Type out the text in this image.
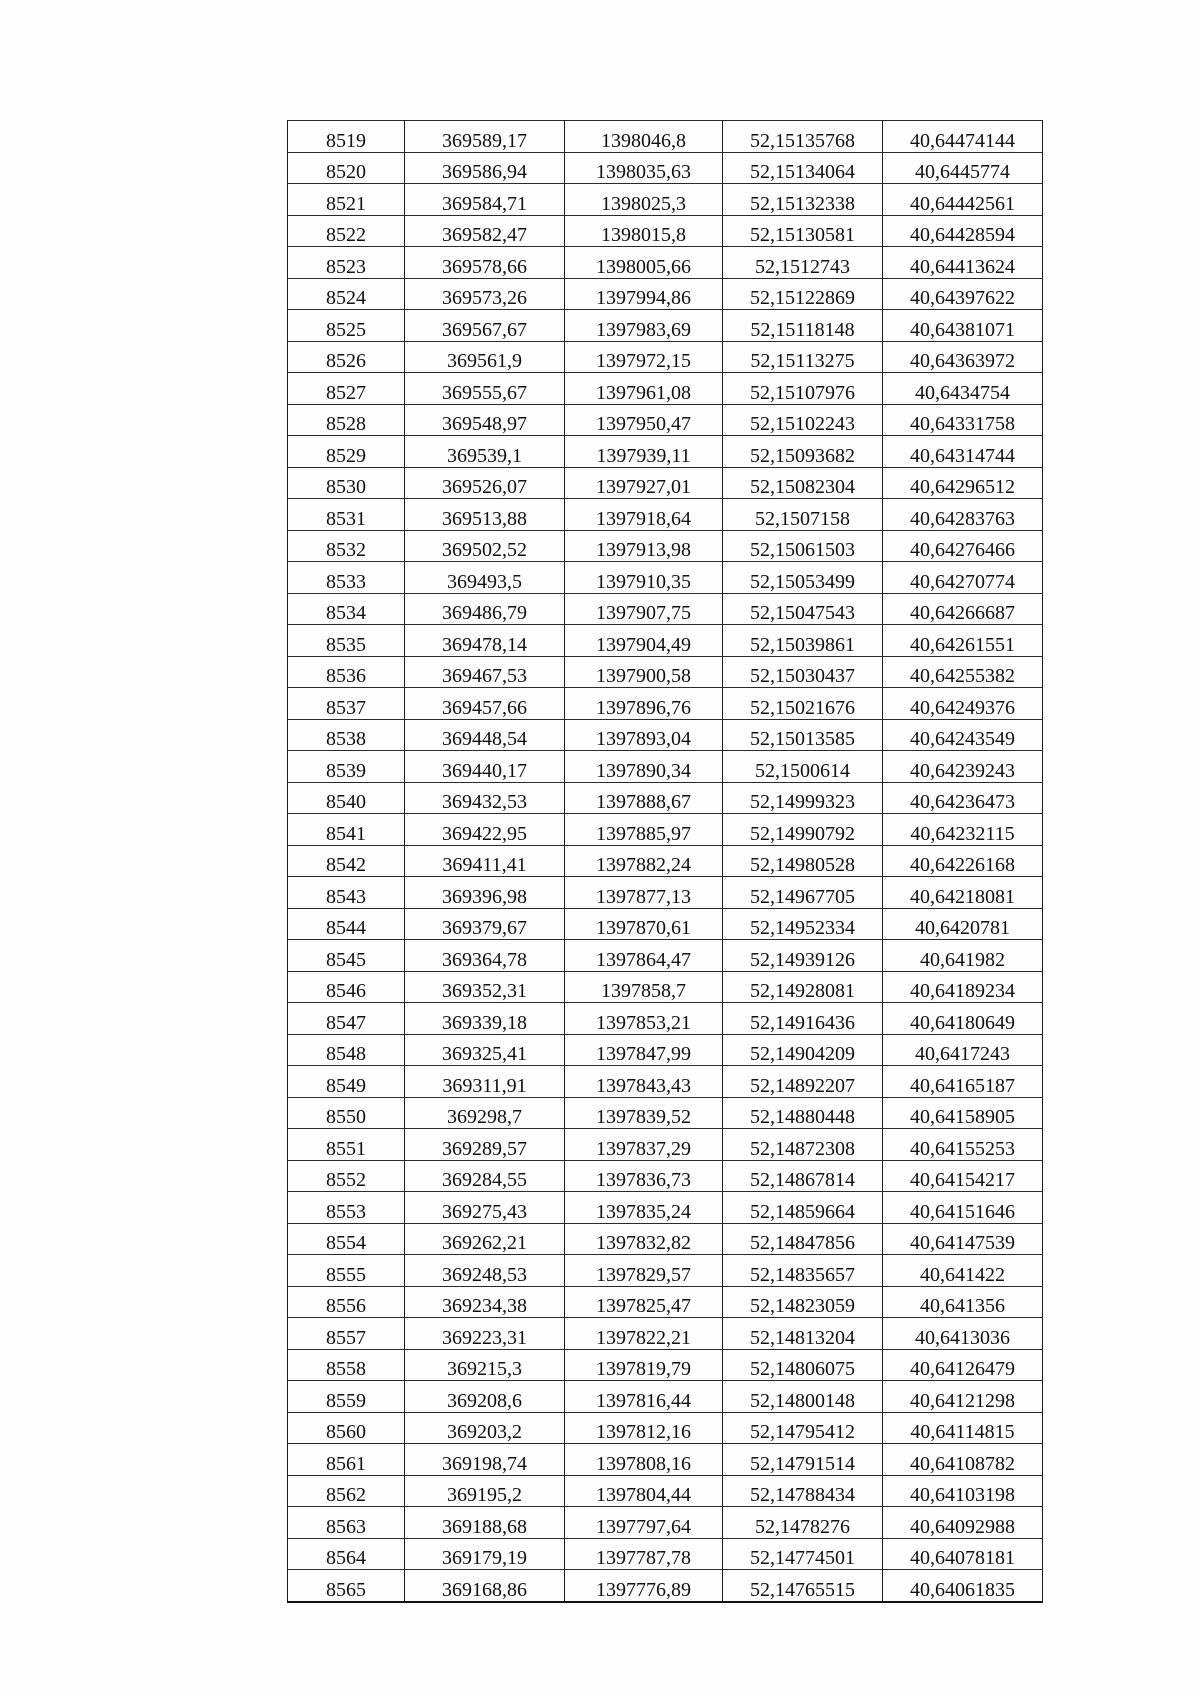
8519	369589,17	1398046,8	52,15135768	40,64474144
8520	369586,94	1398035,63	52,15134064	40,6445774
8521	369584,71	1398025,3	52,15132338	40,64442561
8522	369582,47	1398015,8	52,15130581	40,64428594
8523	369578,66	1398005,66	52,1512743	40,64413624
8524	369573,26	1397994,86	52,15122869	40,64397622
8525	369567,67	1397983,69	52,15118148	40,64381071
8526	369561,9	1397972,15	52,15113275	40,64363972
8527	369555,67	1397961,08	52,15107976	40,6434754
8528	369548,97	1397950,47	52,15102243	40,64331758
8529	369539,1	1397939,11	52,15093682	40,64314744
8530	369526,07	1397927,01	52,15082304	40,64296512
8531	369513,88	1397918,64	52,1507158	40,64283763
8532	369502,52	1397913,98	52,15061503	40,64276466
8533	369493,5	1397910,35	52,15053499	40,64270774
8534	369486,79	1397907,75	52,15047543	40,64266687
8535	369478,14	1397904,49	52,15039861	40,64261551
8536	369467,53	1397900,58	52,15030437	40,64255382
8537	369457,66	1397896,76	52,15021676	40,64249376
8538	369448,54	1397893,04	52,15013585	40,64243549
8539	369440,17	1397890,34	52,1500614	40,64239243
8540	369432,53	1397888,67	52,14999323	40,64236473
8541	369422,95	1397885,97	52,14990792	40,64232115
8542	369411,41	1397882,24	52,14980528	40,64226168
8543	369396,98	1397877,13	52,14967705	40,64218081
8544	369379,67	1397870,61	52,14952334	40,6420781
8545	369364,78	1397864,47	52,14939126	40,641982
8546	369352,31	1397858,7	52,14928081	40,64189234
8547	369339,18	1397853,21	52,14916436	40,64180649
8548	369325,41	1397847,99	52,14904209	40,6417243
8549	369311,91	1397843,43	52,14892207	40,64165187
8550	369298,7	1397839,52	52,14880448	40,64158905
8551	369289,57	1397837,29	52,14872308	40,64155253
8552	369284,55	1397836,73	52,14867814	40,64154217
8553	369275,43	1397835,24	52,14859664	40,64151646
8554	369262,21	1397832,82	52,14847856	40,64147539
8555	369248,53	1397829,57	52,14835657	40,641422
8556	369234,38	1397825,47	52,14823059	40,641356
8557	369223,31	1397822,21	52,14813204	40,6413036
8558	369215,3	1397819,79	52,14806075	40,64126479
8559	369208,6	1397816,44	52,14800148	40,64121298
8560	369203,2	1397812,16	52,14795412	40,64114815
8561	369198,74	1397808,16	52,14791514	40,64108782
8562	369195,2	1397804,44	52,14788434	40,64103198
8563	369188,68	1397797,64	52,1478276	40,64092988
8564	369179,19	1397787,78	52,14774501	40,64078181
8565	369168,86	1397776,89	52,14765515	40,64061835
